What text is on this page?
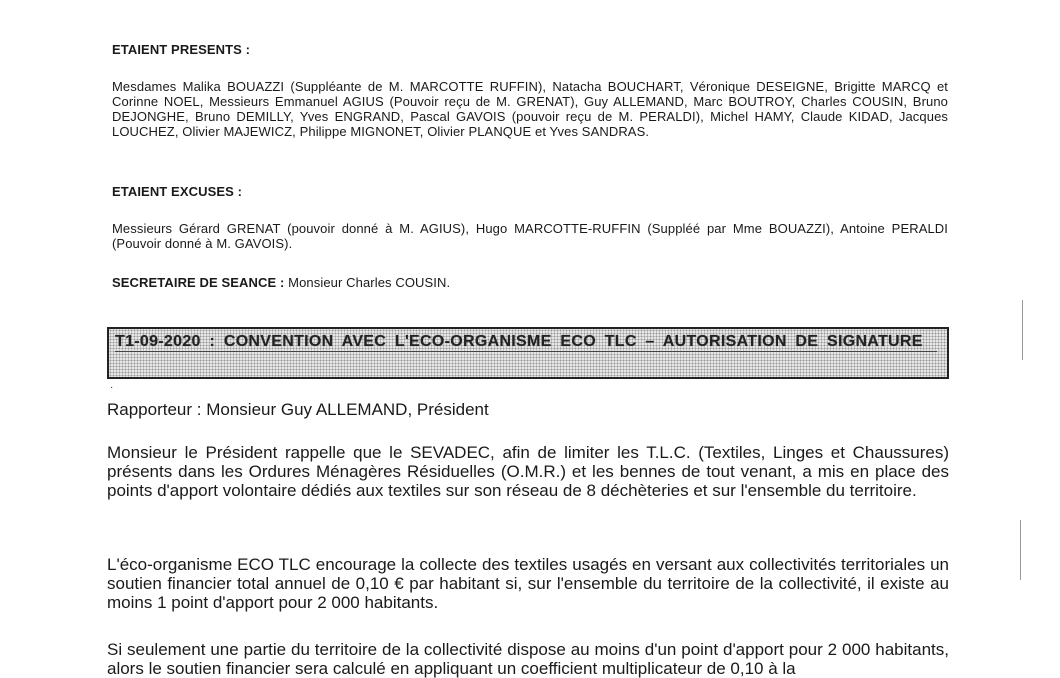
ETAIENT PRESENTS :
Mesdames Malika BOUAZZI (Suppléante de M. MARCOTTE RUFFIN), Natacha BOUCHART, Véronique DESEIGNE, Brigitte MARCQ et Corinne NOEL, Messieurs Emmanuel AGIUS (Pouvoir reçu de M. GRENAT), Guy ALLEMAND, Marc BOUTROY, Charles COUSIN, Bruno DEJONGHE, Bruno DEMILLY, Yves ENGRAND, Pascal GAVOIS (pouvoir reçu de M. PERALDI), Michel HAMY, Claude KIDAD, Jacques LOUCHEZ, Olivier MAJEWICZ, Philippe MIGNONET, Olivier PLANQUE et Yves SANDRAS.
ETAIENT EXCUSES :
Messieurs Gérard GRENAT (pouvoir donné à M. AGIUS), Hugo MARCOTTE-RUFFIN (Suppléé par Mme BOUAZZI), Antoine PERALDI (Pouvoir donné à M. GAVOIS).
SECRETAIRE DE SEANCE : Monsieur Charles COUSIN.
T1-09-2020 : CONVENTION AVEC L'ECO-ORGANISME ECO TLC – AUTORISATION DE SIGNATURE
·
Rapporteur : Monsieur Guy ALLEMAND, Président
Monsieur le Président rappelle que le SEVADEC, afin de limiter les T.L.C. (Textiles, Linges et Chaussures) présents dans les Ordures Ménagères Résiduelles (O.M.R.) et les bennes de tout venant, a mis en place des points d'apport volontaire dédiés aux textiles sur son réseau de 8 déchèteries et sur l'ensemble du territoire.
L'éco-organisme ECO TLC encourage la collecte des textiles usagés en versant aux collectivités territoriales un soutien financier total annuel de 0,10 € par habitant si, sur l'ensemble du territoire de la collectivité, il existe au moins 1 point d'apport pour 2 000 habitants.
Si seulement une partie du territoire de la collectivité dispose au moins d'un point d'apport pour 2 000 habitants, alors le soutien financier sera calculé en appliquant un coefficient multiplicateur de 0,10 à la
